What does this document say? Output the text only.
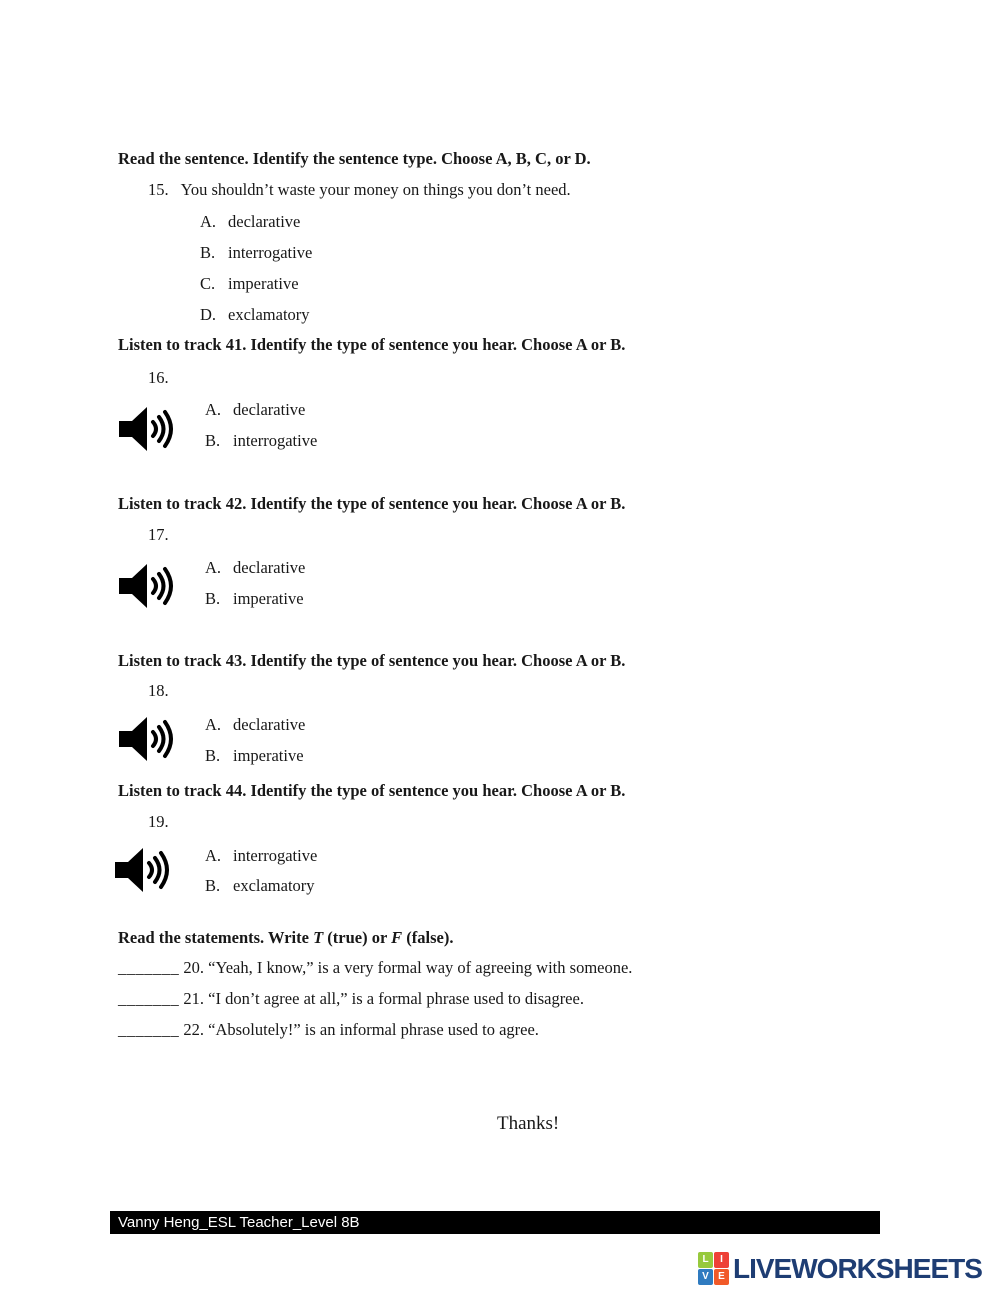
Read the sentence. Identify the sentence type. Choose A, B, C, or D.
15. You shouldn’t waste your money on things you don’t need.
A. declarative
B. interrogative
C. imperative
D. exclamatory
Listen to track 41. Identify the type of sentence you hear. Choose A or B.
16.
A. declarative
B. interrogative
Listen to track 42. Identify the type of sentence you hear. Choose A or B.
17.
A. declarative
B. imperative
Listen to track 43. Identify the type of sentence you hear. Choose A or B.
18.
A. declarative
B. imperative
Listen to track 44. Identify the type of sentence you hear. Choose A or B.
19.
A. interrogative
B. exclamatory
Read the statements. Write T (true) or F (false).
_______ 20. “Yeah, I know,” is a very formal way of agreeing with someone.
_______ 21. “I don’t agree at all,” is a formal phrase used to disagree.
_______ 22. “Absolutely!” is an informal phrase used to agree.
Thanks!
Vanny Heng_ESL Teacher_Level 8B
L	I
V E LIVEWORKSHEETS
